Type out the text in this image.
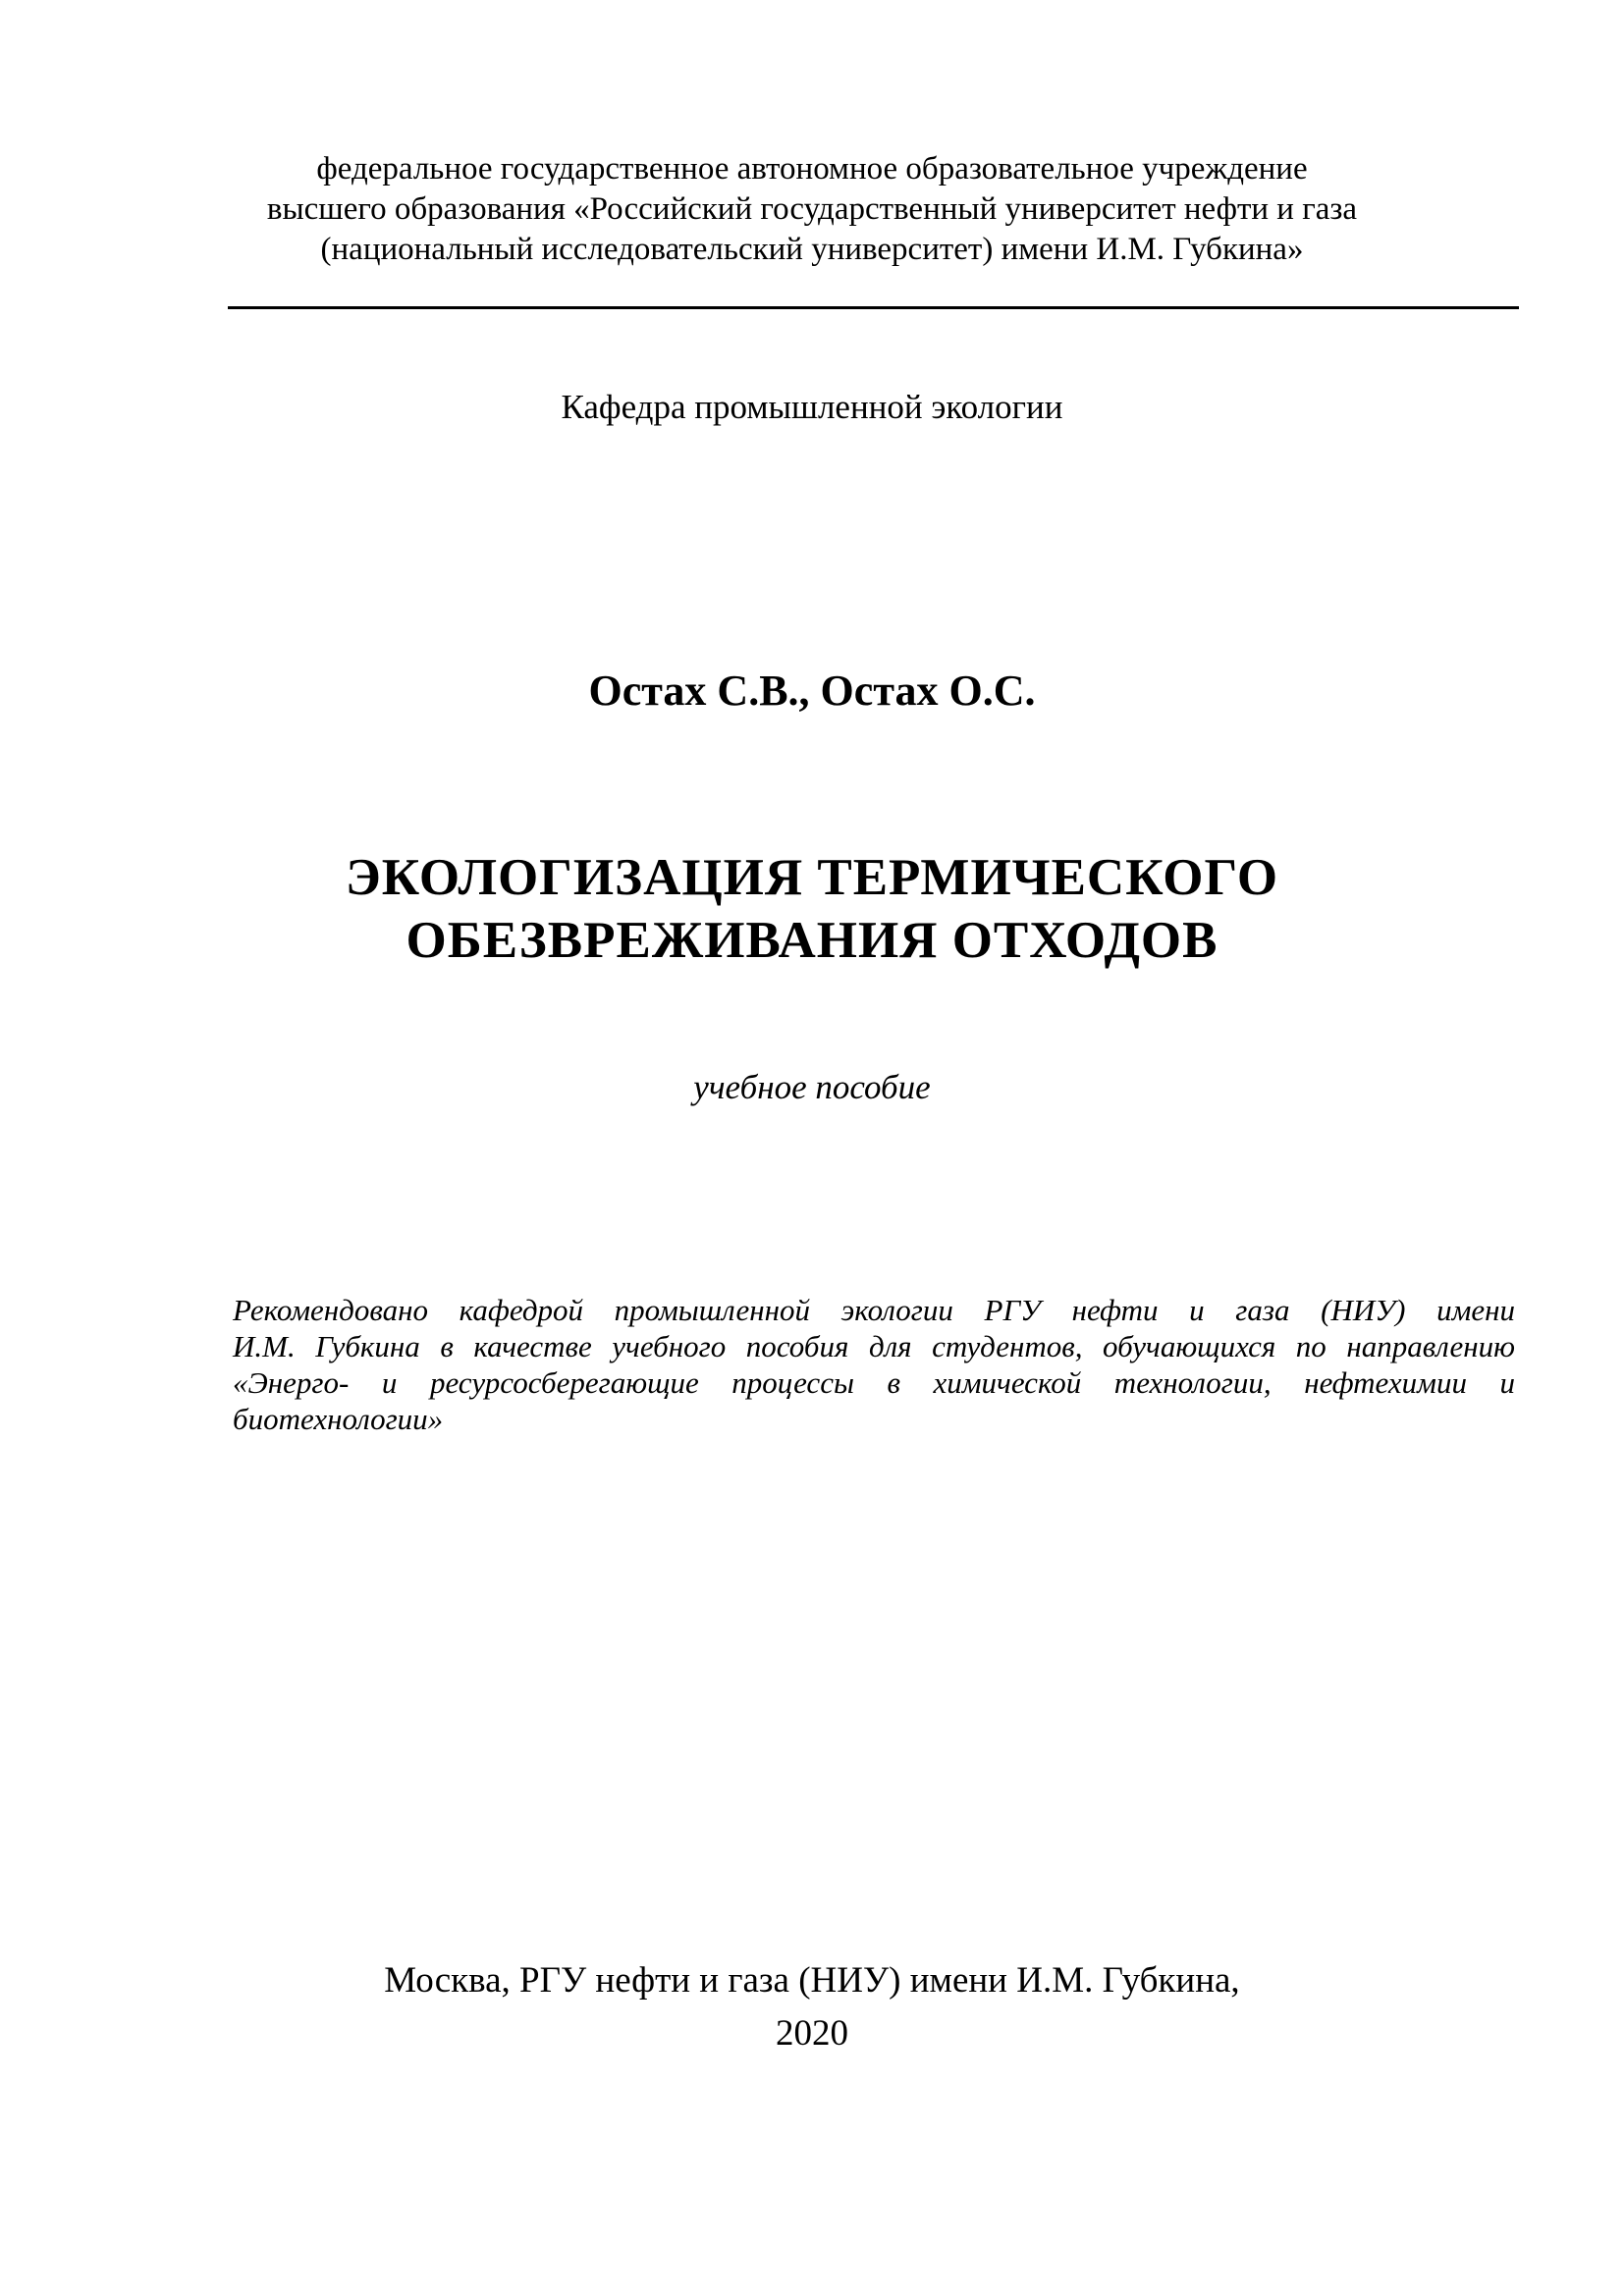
федеральное государственное автономное образовательное учреждение
высшего образования «Российский государственный университет нефти и газа
(национальный исследовательский университет) имени И.М. Губкина»
Кафедра промышленной экологии
Остах С.В., Остах О.С.
ЭКОЛОГИЗАЦИЯ ТЕРМИЧЕСКОГО
ОБЕЗВРЕЖИВАНИЯ ОТХОДОВ
учебное пособие
Рекомендовано кафедрой промышленной экологии РГУ нефти и газа (НИУ) имени
И.М. Губкина в качестве учебного пособия для студентов, обучающихся по направлению
«Энерго- и ресурсосберегающие процессы в химической технологии, нефтехимии и
биотехнологии»
Москва, РГУ нефти и газа (НИУ) имени И.М. Губкина,
2020
